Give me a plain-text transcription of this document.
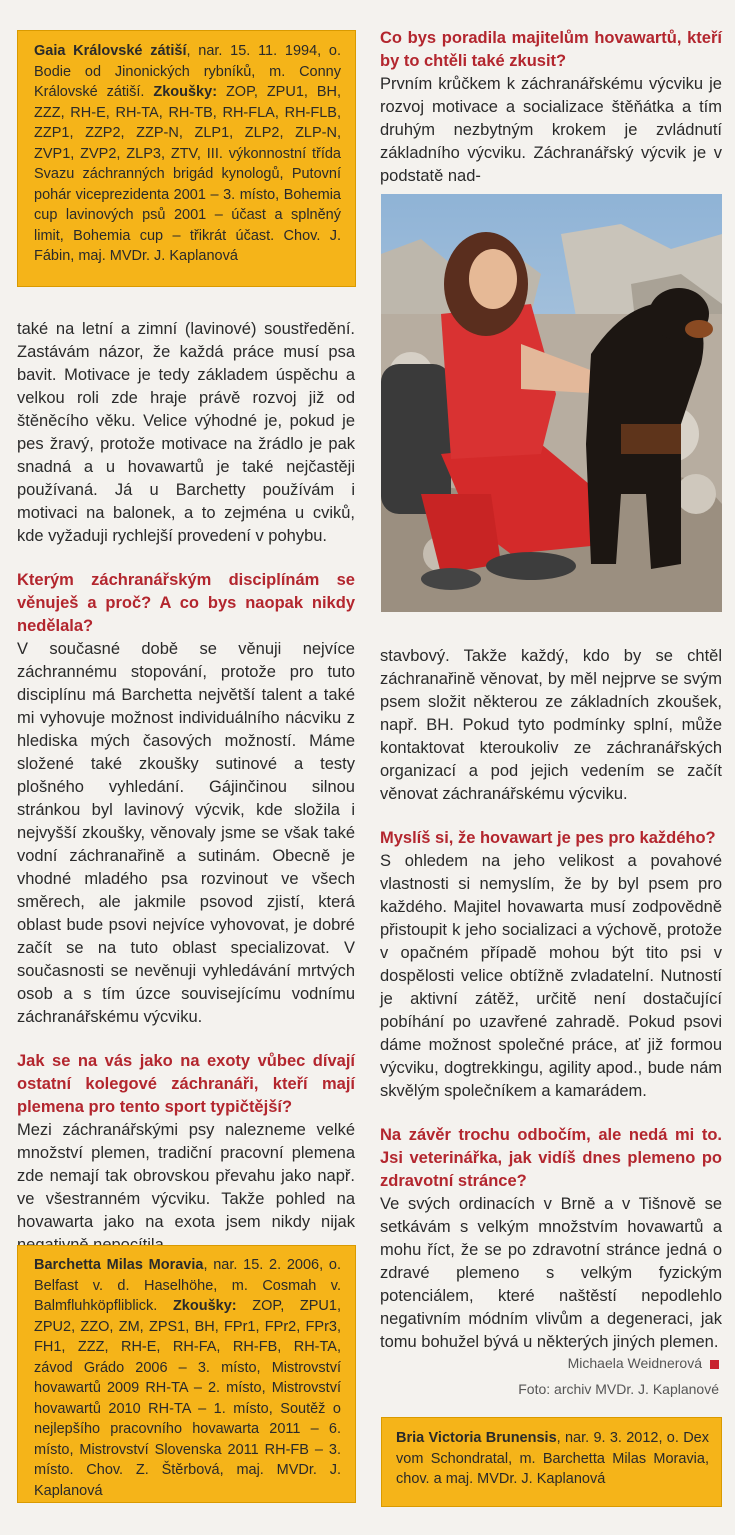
Gaia Královské zátiší, nar. 15. 11. 1994, o. Bodie od Jinonických rybníků, m. Conny Královské zátiší. Zkoušky: ZOP, ZPU1, BH, ZZZ, RH-E, RH-TA, RH-TB, RH-FLA, RH-FLB, ZZP1, ZZP2, ZZP-N, ZLP1, ZLP2, ZLP-N, ZVP1, ZVP2, ZLP3, ZTV, III. výkonnostní třída Svazu záchranných brigád kynologů, Putovní pohár viceprezidenta 2001 – 3. místo, Bohemia cup lavinových psů 2001 – účast a splněný limit, Bohemia cup – třikrát účast. Chov. J. Fábin, maj. MVDr. J. Kaplanová

také na letní a zimní (lavinové) soustředění. Zastávám názor, že každá práce musí psa bavit. Motivace je tedy základem úspěchu a velkou roli zde hraje právě rozvoj již od štěněcího věku. Velice výhodné je, pokud je pes žravý, protože motivace na žrádlo je pak snadná a u hovawartů je také nejčastěji používaná. Já u Barchetty používám i motivaci na balonek, a to zejména u cviků, kde vyžaduji rychlejší provedení v pohybu.

Kterým záchranářským disciplínám se věnuješ a proč? A co bys naopak nikdy nedělala?

V současné době se věnuji nejvíce záchrannému stopování, protože pro tuto disciplínu má Barchetta největší talent a také mi vyhovuje možnost individuálního nácviku z hlediska mých časových možností. Máme složené také zkoušky sutinové a testy plošného vyhledání. Gájinčinou silnou stránkou byl lavinový výcvik, kde složila i nejvyšší zkoušky, věnovaly jsme se však také vodní záchranařině a sutinám. Obecně je vhodné mladého psa rozvinout ve všech směrech, ale jakmile psovod zjistí, která oblast bude psovi nejvíce vyhovovat, je dobré začít se na tuto oblast specializovat. V současnosti se nevěnuji vyhledávání mrtvých osob a s tím úzce souvisejícímu vodnímu záchranářskému výcviku.

Jak se na vás jako na exoty vůbec dívají ostatní kolegové záchranáři, kteří mají plemena pro tento sport typičtější?

Mezi záchranářskými psy nalezneme velké množství plemen, tradiční pracovní plemena zde nemají tak obrovskou převahu jako např. ve všestranném výcviku. Takže pohled na hovawarta jako na exota jsem nikdy nijak

Barchetta Milas Moravia, nar. 15. 2. 2006, o. Belfast v. d. Haselhöhe, m. Cosmah v. Balmfluhköpfliblick. Zkoušky: ZOP, ZPU1, ZPU2, ZZO, ZM, ZPS1, BH, FPr1, FPr2, FPr3, FH1, ZZZ, RH-E, RH-FA, RH-FB, RH-TA, závod Grádo 2006 – 3. místo, Mistrovství hovawartů 2009 RH-TA – 2. místo, Mistrovství hovawartů 2010 RH-TA – 1. místo, Soutěž o nejlepšího pracovního hovawarta 2011 – 6. místo, Mistrovství Slovenska 2011 RH-FB – 3. místo. Chov. Z. Štěrbová, maj. MVDr. J. Kaplanová

Co bys poradila majitelům hovawartů, kteří by to chtěli také zkusit?

Prvním krůčkem k záchranářskému výcviku je rozvoj motivace a socializace štěňátka a tím druhým nezbytným krokem je zvládnutí základního výcviku. Záchranářský výcvik je v podstatě nad-

stavbový. Takže každý, kdo by se chtěl záchranařině věnovat, by měl nejprve se svým psem složit některou ze základních zkoušek, např. BH. Pokud tyto podmínky splní, může kontaktovat kteroukoliv ze záchranářských organizací a pod jejich vedením se začít věnovat záchranářskému výcviku.

Myslíš si, že hovawart je pes pro každého?

S ohledem na jeho velikost a povahové vlastnosti si nemyslím, že by byl psem pro každého. Majitel hovawarta musí zodpovědně přistoupit k jeho socializaci a výchově, protože v opačném případě mohou být tito psi v dospělosti velice obtížně zvladatelní. Nutností je aktivní zátěž, určitě není dostačující pobíhání po uzavřené zahradě. Pokud psovi dáme možnost společné práce, ať již formou výcviku, dogtrekkingu, agility apod., bude nám skvělým společníkem a kamarádem.

Na závěr trochu odbočím, ale nedá mi to. Jsi veterinářka, jak vidíš dnes plemeno po zdravotní stránce?

Ve svých ordinacích v Brně a v Tišnově se setkávám s velkým množstvím hovawartů a mohu říct, že se po zdravotní stránce jedná o zdravé plemeno s velkým fyzickým potenciálem, které naštěstí nepodlehlo negativním módním vlivům a degeneraci, jak tomu bohužel bývá u některých jiných plemen.

Michaela Weidnerová
Foto: archiv MVDr. J. Kaplanové

Bria Victoria Brunensis, nar. 9. 3. 2012, o. Dex vom Schondratal, m. Barchetta Milas Moravia, chov. a maj. MVDr. J. Kaplanová
